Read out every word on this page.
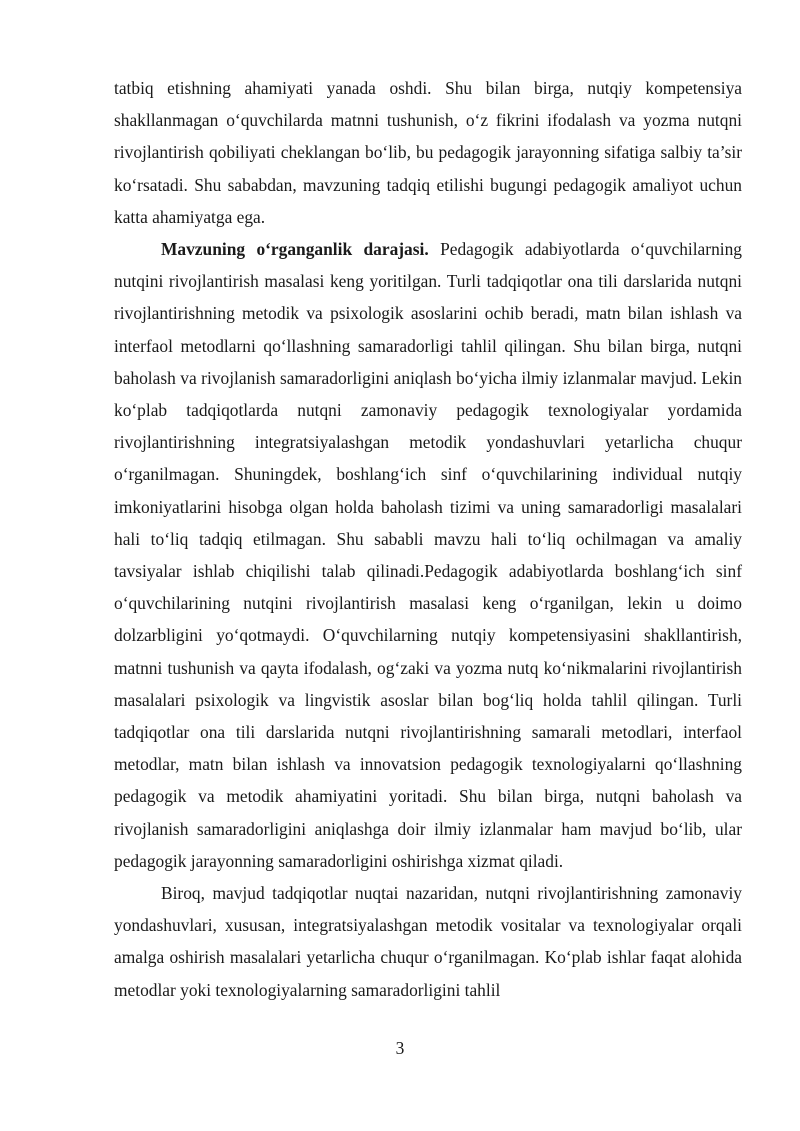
tatbiq etishning ahamiyati yanada oshdi. Shu bilan birga, nutqiy kompetensiya shakllanmagan o‘quvchilarda matnni tushunish, o‘z fikrini ifodalash va yozma nutqni rivojlantirish qobiliyati cheklangan bo‘lib, bu pedagogik jarayonning sifatiga salbiy ta’sir ko‘rsatadi. Shu sababdan, mavzuning tadqiq etilishi bugungi pedagogik amaliyot uchun katta ahamiyatga ega.

Mavzuning o‘rganganlik darajasi. Pedagogik adabiyotlarda o‘quvchilarning nutqini rivojlantirish masalasi keng yoritilgan. Turli tadqiqotlar ona tili darslarida nutqni rivojlantirishning metodik va psixologik asoslarini ochib beradi, matn bilan ishlash va interfaol metodlarni qo‘llashning samaradorligi tahlil qilingan. Shu bilan birga, nutqni baholash va rivojlanish samaradorligini aniqlash bo‘yicha ilmiy izlanmalar mavjud. Lekin ko‘plab tadqiqotlarda nutqni zamonaviy pedagogik texnologiyalar yordamida rivojlantirishning integratsiyalashgan metodik yondashuvlari yetarlicha chuqur o‘rganilmagan. Shuningdek, boshlang‘ich sinf o‘quvchilarining individual nutqiy imkoniyatlarini hisobga olgan holda baholash tizimi va uning samaradorligi masalalari hali to‘liq tadqiq etilmagan. Shu sababli mavzu hali to‘liq ochilmagan va amaliy tavsiyalar ishlab chiqilishi talab qilinadi.Pedagogik adabiyotlarda boshlang‘ich sinf o‘quvchilarining nutqini rivojlantirish masalasi keng o‘rganilgan, lekin u doimo dolzarbligini yo‘qotmaydi. O‘quvchilarning nutqiy kompetensiyasini shakllantirish, matnni tushunish va qayta ifodalash, og‘zaki va yozma nutq ko‘nikmalarini rivojlantirish masalalari psixologik va lingvistik asoslar bilan bog‘liq holda tahlil qilingan. Turli tadqiqotlar ona tili darslarida nutqni rivojlantirishning samarali metodlari, interfaol metodlar, matn bilan ishlash va innovatsion pedagogik texnologiyalarni qo‘llashning pedagogik va metodik ahamiyatini yoritadi. Shu bilan birga, nutqni baholash va rivojlanish samaradorligini aniqlashga doir ilmiy izlanmalar ham mavjud bo‘lib, ular pedagogik jarayonning samaradorligini oshirishga xizmat qiladi.

Biroq, mavjud tadqiqotlar nuqtai nazaridan, nutqni rivojlantirishning zamonaviy yondashuvlari, xususan, integratsiyalashgan metodik vositalar va texnologiyalar orqali amalga oshirish masalalari yetarlicha chuqur o‘rganilmagan. Ko‘plab ishlar faqat alohida metodlar yoki texnologiyalarning samaradorligini tahlil

3
